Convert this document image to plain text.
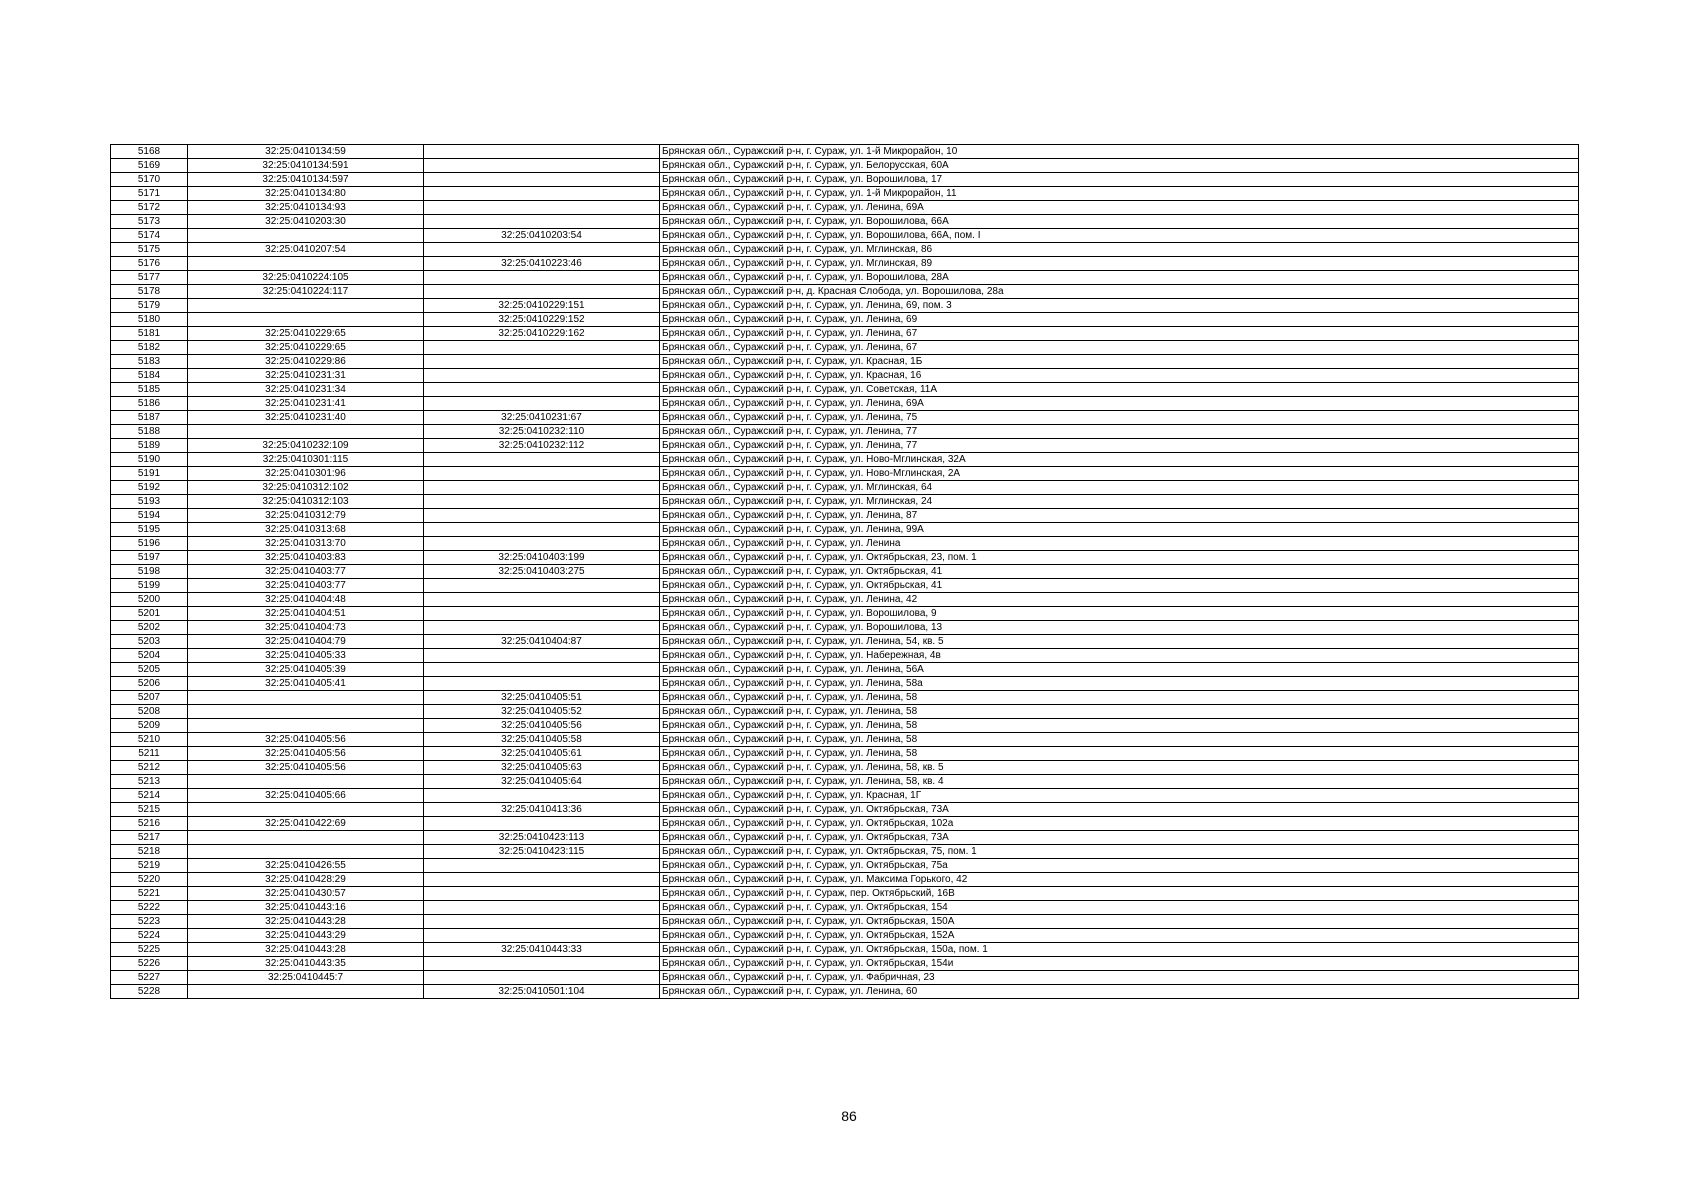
5168	32:25:0410134:59		Брянская обл., Суражский р-н, г. Сураж, ул. 1-й Микрорайон, 10
5169	32:25:0410134:591		Брянская обл., Суражский р-н, г. Сураж, ул. Белорусская, 60А
5170	32:25:0410134:597		Брянская обл., Суражский р-н, г. Сураж, ул. Ворошилова, 17
5171	32:25:0410134:80		Брянская обл., Суражский р-н, г. Сураж, ул. 1-й Микрорайон, 11
5172	32:25:0410134:93		Брянская обл., Суражский р-н, г. Сураж, ул. Ленина, 69А
5173	32:25:0410203:30		Брянская обл., Суражский р-н, г. Сураж, ул. Ворошилова, 66А
5174		32:25:0410203:54	Брянская обл., Суражский р-н, г. Сураж, ул. Ворошилова, 66А, пом. I
5175	32:25:0410207:54		Брянская обл., Суражский р-н, г. Сураж, ул. Мглинская, 86
5176		32:25:0410223:46	Брянская обл., Суражский р-н, г. Сураж, ул. Мглинская, 89
5177	32:25:0410224:105		Брянская обл., Суражский р-н, г. Сураж, ул. Ворошилова, 28А
5178	32:25:0410224:117		Брянская обл., Суражский р-н, д. Красная Слобода, ул. Ворошилова, 28а
5179		32:25:0410229:151	Брянская обл., Суражский р-н, г. Сураж, ул. Ленина, 69, пом. 3
5180		32:25:0410229:152	Брянская обл., Суражский р-н, г. Сураж, ул. Ленина, 69
5181	32:25:0410229:65	32:25:0410229:162	Брянская обл., Суражский р-н, г. Сураж, ул. Ленина, 67
5182	32:25:0410229:65		Брянская обл., Суражский р-н, г. Сураж, ул. Ленина, 67
5183	32:25:0410229:86		Брянская обл., Суражский р-н, г. Сураж, ул. Красная, 1Б
5184	32:25:0410231:31		Брянская обл., Суражский р-н, г. Сураж, ул. Красная, 16
5185	32:25:0410231:34		Брянская обл., Суражский р-н, г. Сураж, ул. Советская, 11А
5186	32:25:0410231:41		Брянская обл., Суражский р-н, г. Сураж, ул. Ленина, 69А
5187	32:25:0410231:40	32:25:0410231:67	Брянская обл., Суражский р-н, г. Сураж, ул. Ленина, 75
5188		32:25:0410232:110	Брянская обл., Суражский р-н, г. Сураж, ул. Ленина, 77
5189	32:25:0410232:109	32:25:0410232:112	Брянская обл., Суражский р-н, г. Сураж, ул. Ленина, 77
5190	32:25:0410301:115		Брянская обл., Суражский р-н, г. Сураж, ул. Ново-Мглинская, 32А
5191	32:25:0410301:96		Брянская обл., Суражский р-н, г. Сураж, ул. Ново-Мглинская, 2А
5192	32:25:0410312:102		Брянская обл., Суражский р-н, г. Сураж, ул. Мглинская, 64
5193	32:25:0410312:103		Брянская обл., Суражский р-н, г. Сураж, ул. Мглинская, 24
5194	32:25:0410312:79		Брянская обл., Суражский р-н, г. Сураж, ул. Ленина, 87
5195	32:25:0410313:68		Брянская обл., Суражский р-н, г. Сураж, ул. Ленина, 99А
5196	32:25:0410313:70		Брянская обл., Суражский р-н, г. Сураж, ул. Ленина
5197	32:25:0410403:83	32:25:0410403:199	Брянская обл., Суражский р-н, г. Сураж, ул. Октябрьская, 23, пом. 1
5198	32:25:0410403:77	32:25:0410403:275	Брянская обл., Суражский р-н, г. Сураж, ул. Октябрьская, 41
5199	32:25:0410403:77		Брянская обл., Суражский р-н, г. Сураж, ул. Октябрьская, 41
5200	32:25:0410404:48		Брянская обл., Суражский р-н, г. Сураж, ул. Ленина, 42
5201	32:25:0410404:51		Брянская обл., Суражский р-н, г. Сураж, ул. Ворошилова, 9
5202	32:25:0410404:73		Брянская обл., Суражский р-н, г. Сураж, ул. Ворошилова, 13
5203	32:25:0410404:79	32:25:0410404:87	Брянская обл., Суражский р-н, г. Сураж, ул. Ленина, 54, кв. 5
5204	32:25:0410405:33		Брянская обл., Суражский р-н, г. Сураж, ул. Набережная, 4в
5205	32:25:0410405:39		Брянская обл., Суражский р-н, г. Сураж, ул. Ленина, 56А
5206	32:25:0410405:41		Брянская обл., Суражский р-н, г. Сураж, ул. Ленина, 58а
5207		32:25:0410405:51	Брянская обл., Суражский р-н, г. Сураж, ул. Ленина, 58
5208		32:25:0410405:52	Брянская обл., Суражский р-н, г. Сураж, ул. Ленина, 58
5209		32:25:0410405:56	Брянская обл., Суражский р-н, г. Сураж, ул. Ленина, 58
5210	32:25:0410405:56	32:25:0410405:58	Брянская обл., Суражский р-н, г. Сураж, ул. Ленина, 58
5211	32:25:0410405:56	32:25:0410405:61	Брянская обл., Суражский р-н, г. Сураж, ул. Ленина, 58
5212	32:25:0410405:56	32:25:0410405:63	Брянская обл., Суражский р-н, г. Сураж, ул. Ленина, 58, кв. 5
5213		32:25:0410405:64	Брянская обл., Суражский р-н, г. Сураж, ул. Ленина, 58, кв. 4
5214	32:25:0410405:66		Брянская обл., Суражский р-н, г. Сураж, ул. Красная, 1Г
5215		32:25:0410413:36	Брянская обл., Суражский р-н, г. Сураж, ул. Октябрьская, 73А
5216	32:25:0410422:69		Брянская обл., Суражский р-н, г. Сураж, ул. Октябрьская, 102а
5217		32:25:0410423:113	Брянская обл., Суражский р-н, г. Сураж, ул. Октябрьская, 73А
5218		32:25:0410423:115	Брянская обл., Суражский р-н, г. Сураж, ул. Октябрьская, 75, пом. 1
5219	32:25:0410426:55		Брянская обл., Суражский р-н, г. Сураж, ул. Октябрьская, 75а
5220	32:25:0410428:29		Брянская обл., Суражский р-н, г. Сураж, ул. Максима Горького, 42
5221	32:25:0410430:57		Брянская обл., Суражский р-н, г. Сураж, пер. Октябрьский, 16В
5222	32:25:0410443:16		Брянская обл., Суражский р-н, г. Сураж, ул. Октябрьская, 154
5223	32:25:0410443:28		Брянская обл., Суражский р-н, г. Сураж, ул. Октябрьская, 150А
5224	32:25:0410443:29		Брянская обл., Суражский р-н, г. Сураж, ул. Октябрьская, 152А
5225	32:25:0410443:28	32:25:0410443:33	Брянская обл., Суражский р-н, г. Сураж, ул. Октябрьская, 150а, пом. 1
5226	32:25:0410443:35		Брянская обл., Суражский р-н, г. Сураж, ул. Октябрьская, 154и
5227	32:25:0410445:7		Брянская обл., Суражский р-н, г. Сураж, ул. Фабричная, 23
5228		32:25:0410501:104	Брянская обл., Суражский р-н, г. Сураж, ул. Ленина, 60
86
